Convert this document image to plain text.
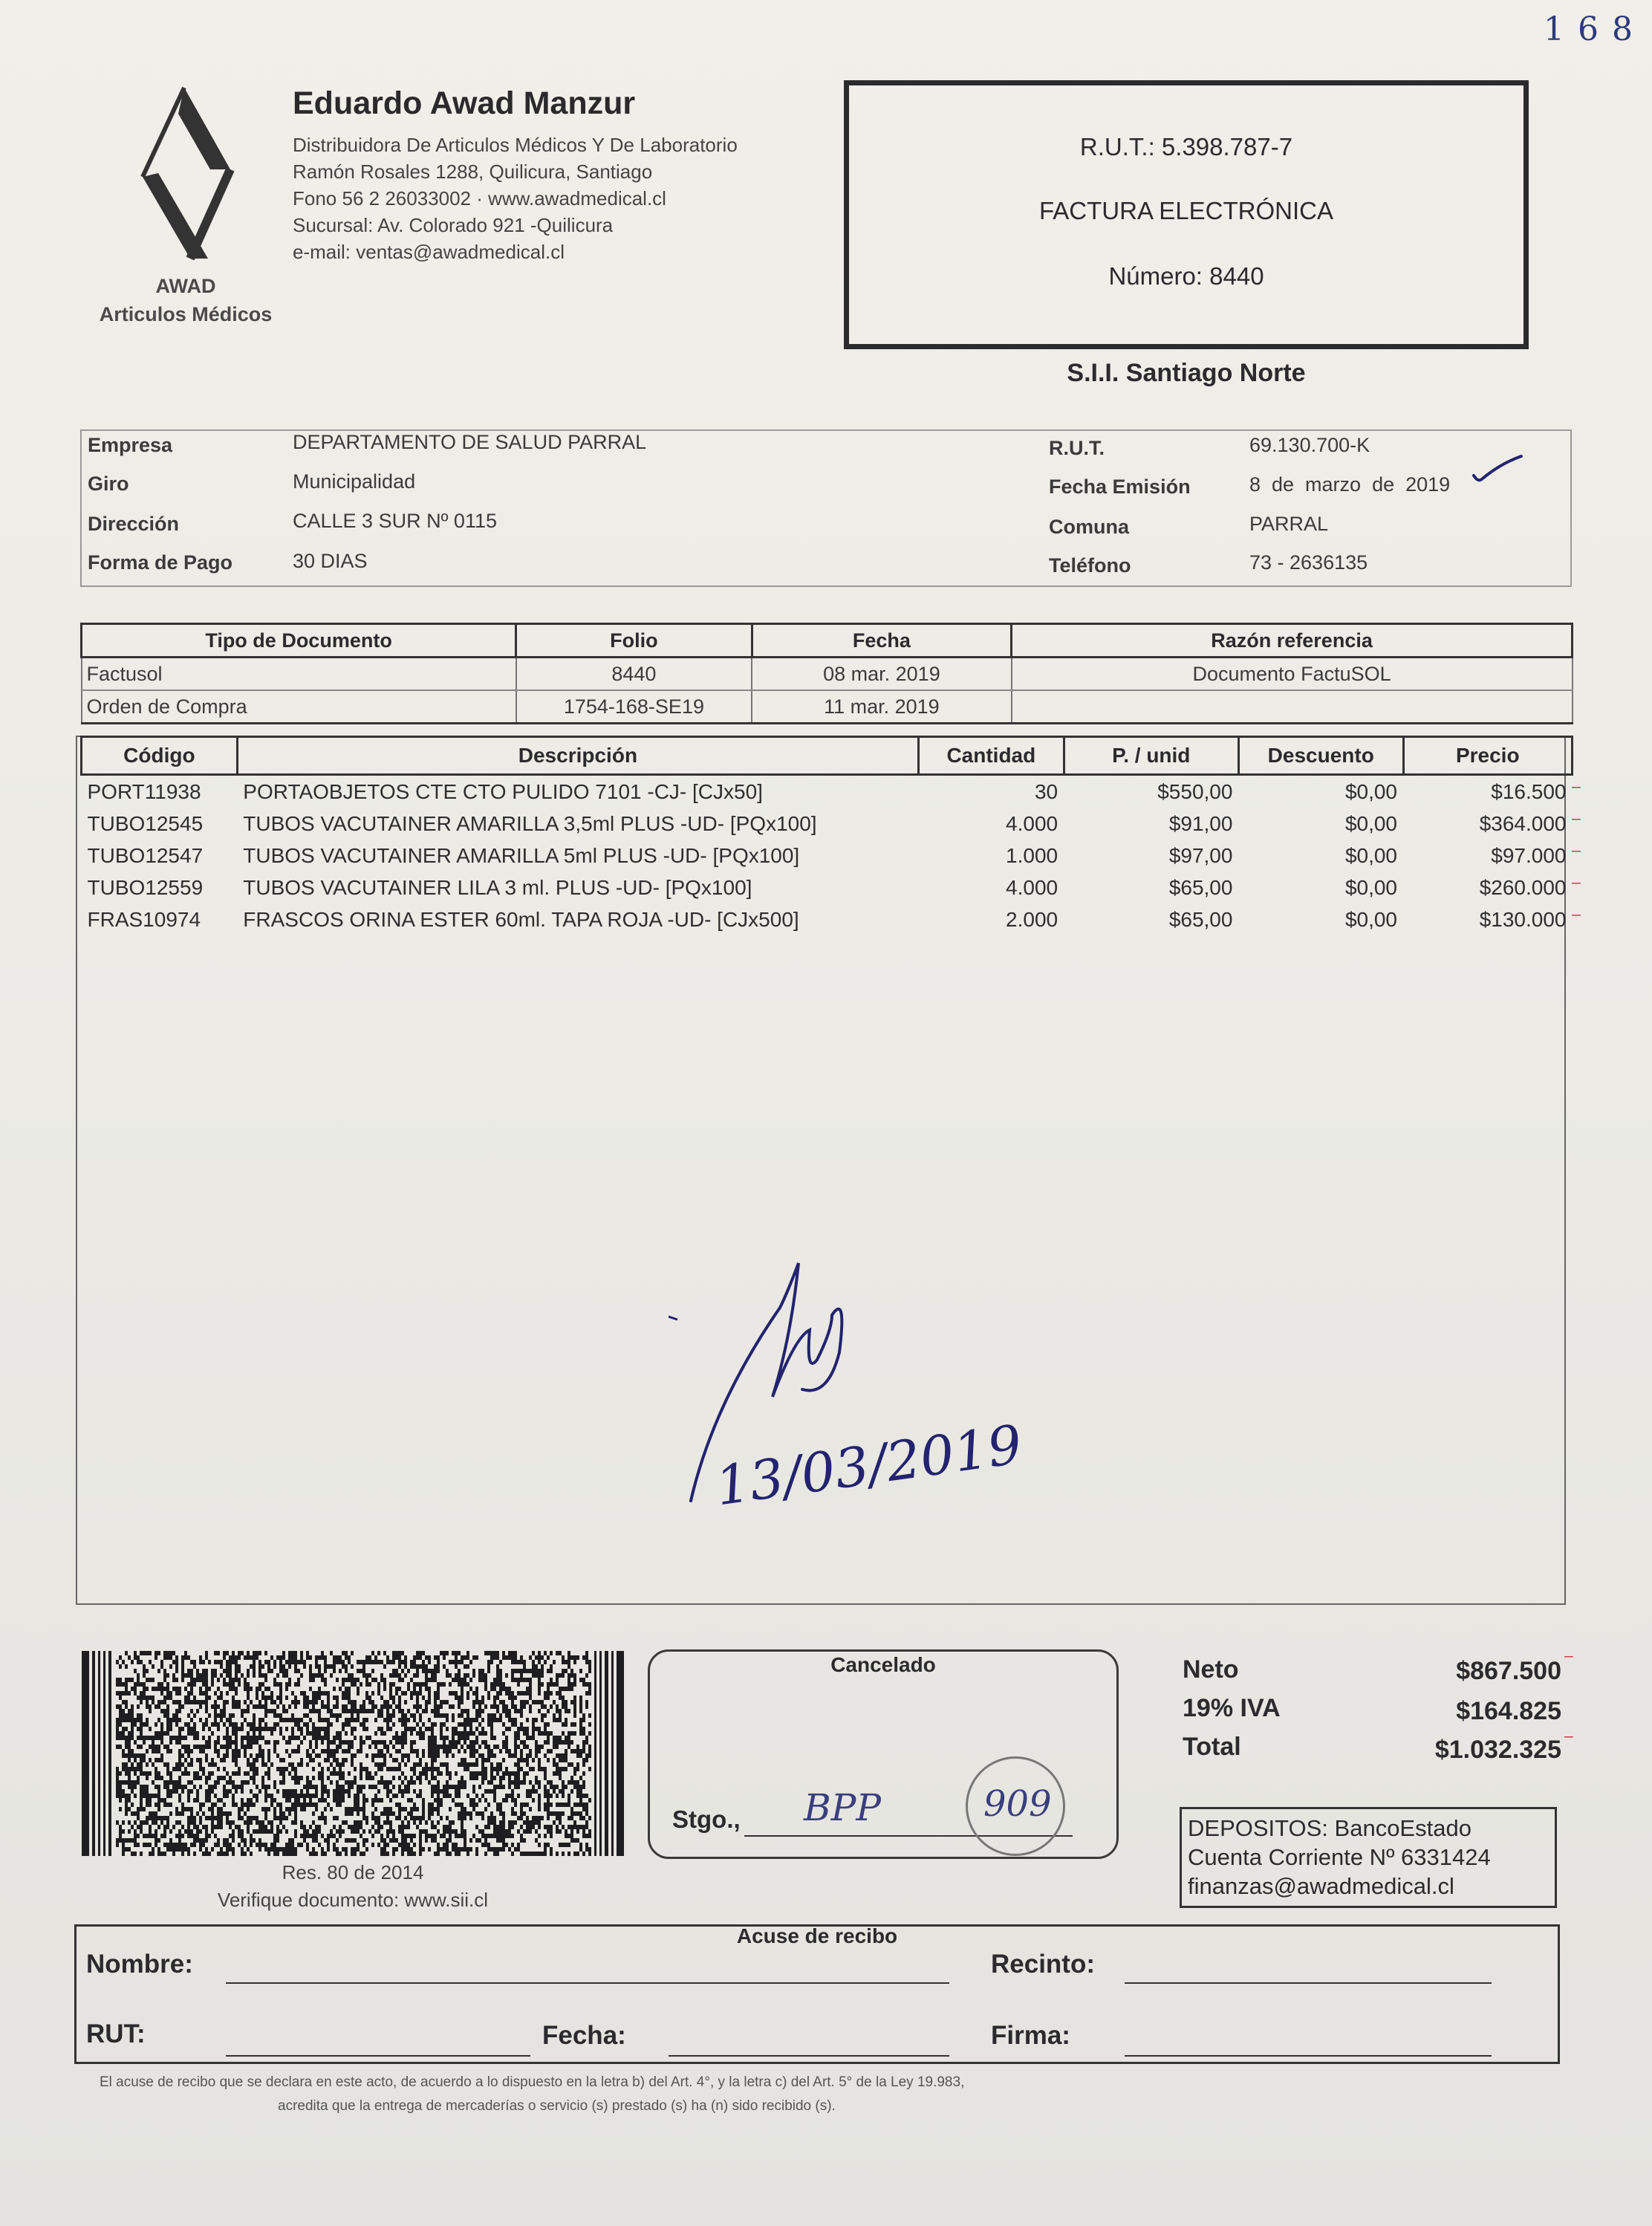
1 6 8
AWAD
Articulos Médicos
Eduardo Awad Manzur
Distribuidora De Articulos Médicos Y De Laboratorio
Ramón Rosales 1288, Quilicura, Santiago
Fono 56 2 26033002 · www.awadmedical.cl
Sucursal: Av. Colorado 921 -Quilicura
e-mail: ventas@awadmedical.cl
R.U.T.: 5.398.787-7
FACTURA ELECTRÓNICA
Número: 8440
S.I.I. Santiago Norte
Empresa	DEPARTAMENTO DE SALUD PARRAL
Giro	Municipalidad
Dirección	CALLE 3 SUR Nº 0115
Forma de Pago	30 DIAS
R.U.T.	69.130.700-K
Fecha Emisión	8  de  marzo  de  2019
Comuna	PARRAL
Teléfono	73 - 2636135
Tipo de Documento	Folio	Fecha	Razón referencia
Factusol	8440	08 mar. 2019	Documento FactuSOL
Orden de Compra	1754-168-SE19	11 mar. 2019	
Código	Descripción	Cantidad	P. / unid	Descuento	Precio
PORT11938	PORTAOBJETOS CTE CTO PULIDO 7101 -CJ- [CJx50]	30	$550,00	$0,00	$16.500
TUBO12545	TUBOS VACUTAINER AMARILLA 3,5ml PLUS -UD- [PQx100]	4.000	$91,00	$0,00	$364.000
TUBO12547	TUBOS VACUTAINER AMARILLA 5ml PLUS -UD- [PQx100]	1.000	$97,00	$0,00	$97.000
TUBO12559	TUBOS VACUTAINER LILA 3 ml. PLUS -UD- [PQx100]	4.000	$65,00	$0,00	$260.000
FRAS10974	FRASCOS ORINA ESTER 60ml. TAPA ROJA -UD- [CJx500]	2.000	$65,00	$0,00	$130.000
⁻
⁻
⁻
⁻
⁻
13/03/2019
Res. 80 de 2014
Verifique documento: www.sii.cl
Cancelado
Stgo., BPP	909
Neto	$867.500
19% IVA	$164.825
Total	$1.032.325
⁻
⁻
DEPOSITOS: BancoEstado
Cuenta Corriente Nº 6331424
finanzas@awadmedical.cl
Acuse de recibo
Nombre:	Recinto:
RUT:	Fecha:	Firma:
El acuse de recibo que se declara en este acto, de acuerdo a lo dispuesto en la letra b) del Art. 4°, y la letra c) del Art. 5° de la Ley 19.983,
acredita que la entrega de mercaderías o servicio (s) prestado (s) ha (n) sido recibido (s).
